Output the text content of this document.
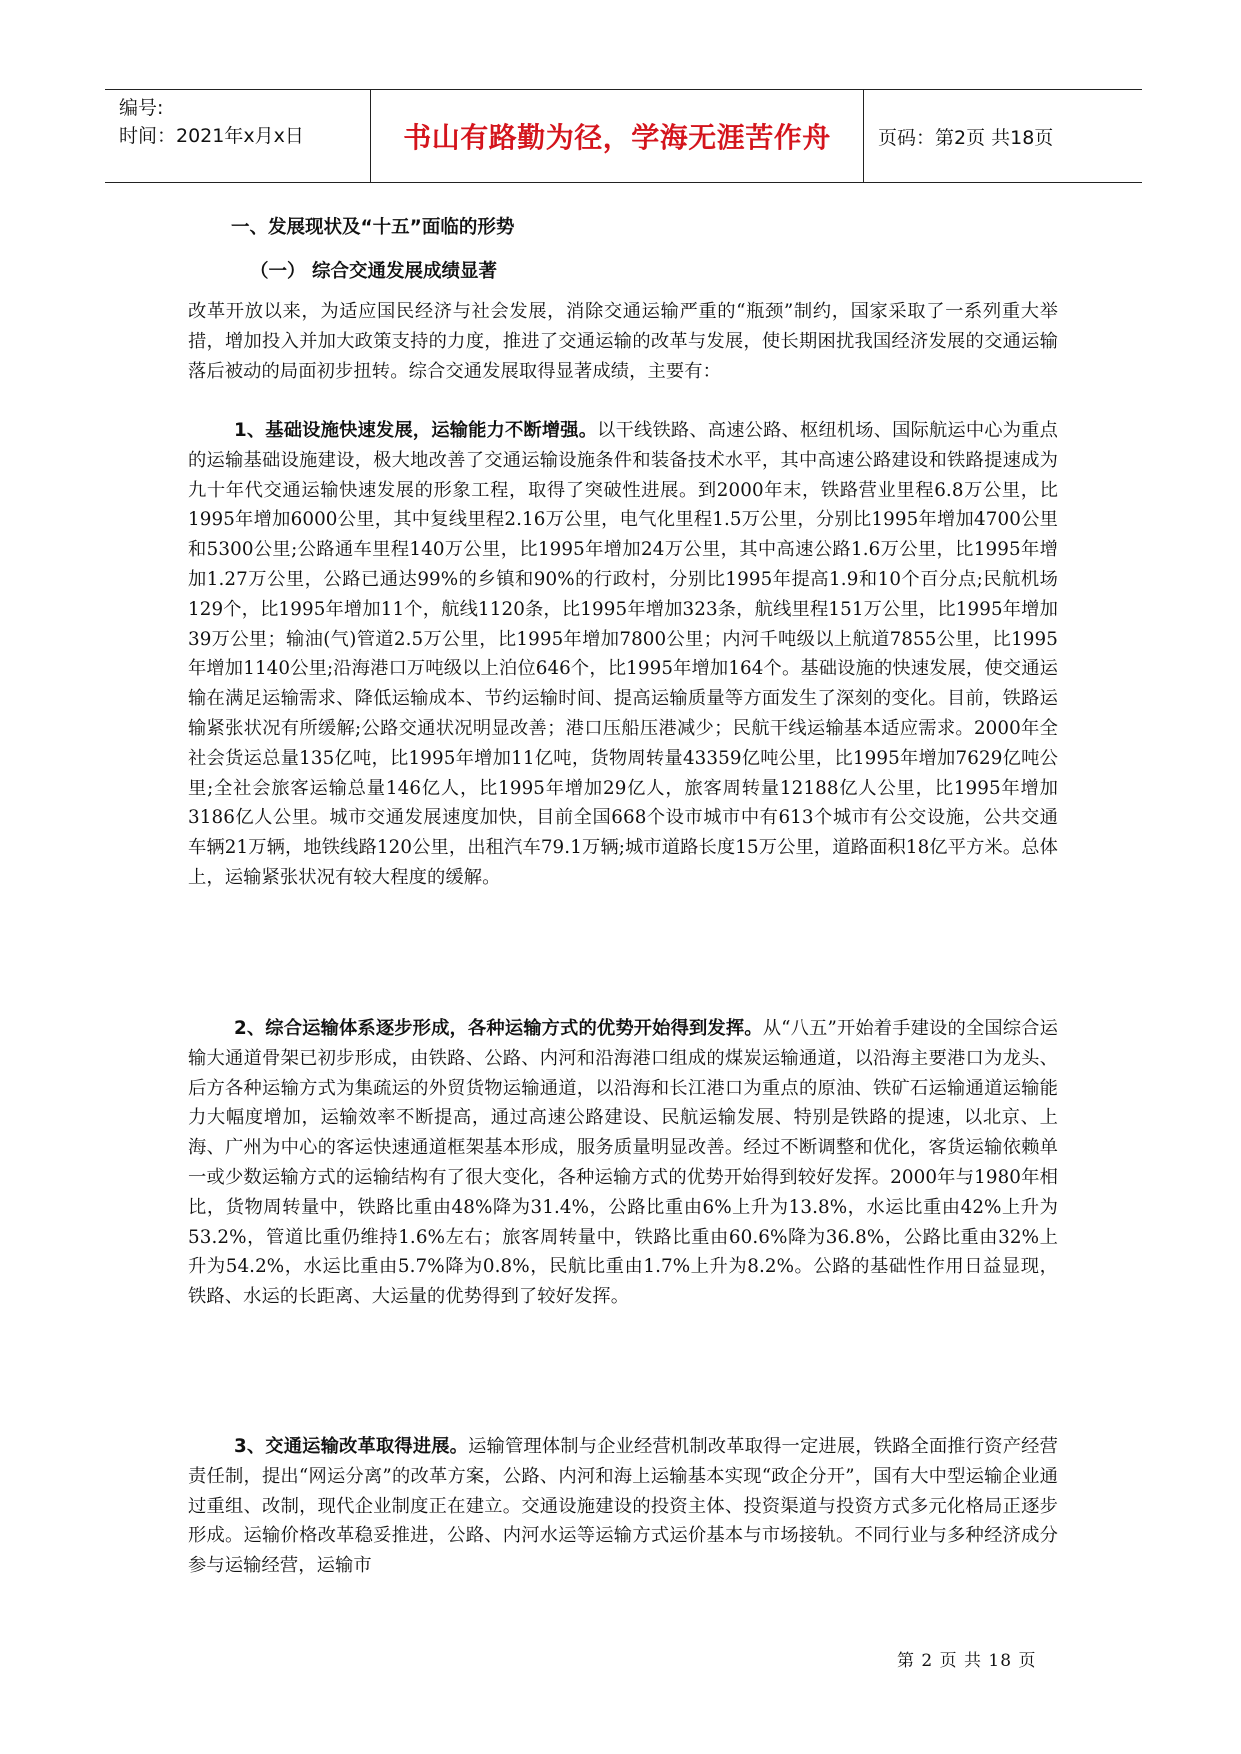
编号:
时间：2021年x月x日	书山有路勤为径，学海无涯苦作舟	页码：第2页 共18页
一、发展现状及“十五”面临的形势
（一） 综合交通发展成绩显著
改革开放以来，为适应国民经济与社会发展，消除交通运输严重的“瓶颈”制约，国家采取了一系列重大举措，增加投入并加大政策支持的力度，推进了交通运输的改革与发展，使长期困扰我国经济发展的交通运输落后被动的局面初步扭转。综合交通发展取得显著成绩，主要有：
1、基础设施快速发展，运输能力不断增强。以干线铁路、高速公路、枢纽机场、国际航运中心为重点的运输基础设施建设，极大地改善了交通运输设施条件和装备技术水平，其中高速公路建设和铁路提速成为九十年代交通运输快速发展的形象工程，取得了突破性进展。到2000年末，铁路营业里程6.8万公里，比1995年增加6000公里，其中复线里程2.16万公里，电气化里程1.5万公里，分别比1995年增加4700公里和5300公里;公路通车里程140万公里，比1995年增加24万公里，其中高速公路1.6万公里，比1995年增加1.27万公里，公路已通达99%的乡镇和90%的行政村，分别比1995年提高1.9和10个百分点;民航机场129个，比1995年增加11个，航线1120条，比1995年增加323条，航线里程151万公里，比1995年增加39万公里；输油(气)管道2.5万公里，比1995年增加7800公里；内河千吨级以上航道7855公里，比1995年增加1140公里;沿海港口万吨级以上泊位646个，比1995年增加164个。基础设施的快速发展，使交通运输在满足运输需求、降低运输成本、节约运输时间、提高运输质量等方面发生了深刻的变化。目前，铁路运输紧张状况有所缓解;公路交通状况明显改善；港口压船压港减少；民航干线运输基本适应需求。2000年全社会货运总量135亿吨，比1995年增加11亿吨，货物周转量43359亿吨公里，比1995年增加7629亿吨公里;全社会旅客运输总量146亿人，比1995年增加29亿人，旅客周转量12188亿人公里，比1995年增加3186亿人公里。城市交通发展速度加快，目前全国668个设市城市中有613个城市有公交设施，公共交通车辆21万辆，地铁线路120公里，出租汽车79.1万辆;城市道路长度15万公里，道路面积18亿平方米。总体上，运输紧张状况有较大程度的缓解。
2、综合运输体系逐步形成，各种运输方式的优势开始得到发挥。从“八五”开始着手建设的全国综合运输大通道骨架已初步形成，由铁路、公路、内河和沿海港口组成的煤炭运输通道，以沿海主要港口为龙头、后方各种运输方式为集疏运的外贸货物运输通道，以沿海和长江港口为重点的原油、铁矿石运输通道运输能力大幅度增加，运输效率不断提高，通过高速公路建设、民航运输发展、特别是铁路的提速，以北京、上海、广州为中心的客运快速通道框架基本形成，服务质量明显改善。经过不断调整和优化，客货运输依赖单一或少数运输方式的运输结构有了很大变化，各种运输方式的优势开始得到较好发挥。2000年与1980年相比，货物周转量中，铁路比重由48%降为31.4%，公路比重由6%上升为13.8%，水运比重由42%上升为53.2%，管道比重仍维持1.6%左右；旅客周转量中，铁路比重由60.6%降为36.8%，公路比重由32%上升为54.2%，水运比重由5.7%降为0.8%，民航比重由1.7%上升为8.2%。公路的基础性作用日益显现，铁路、水运的长距离、大运量的优势得到了较好发挥。
3、交通运输改革取得进展。运输管理体制与企业经营机制改革取得一定进展，铁路全面推行资产经营责任制，提出“网运分离”的改革方案，公路、内河和海上运输基本实现“政企分开”，国有大中型运输企业通过重组、改制，现代企业制度正在建立。交通设施建设的投资主体、投资渠道与投资方式多元化格局正逐步形成。运输价格改革稳妥推进，公路、内河水运等运输方式运价基本与市场接轨。不同行业与多种经济成分参与运输经营，运输市
第 2 页 共 18 页
